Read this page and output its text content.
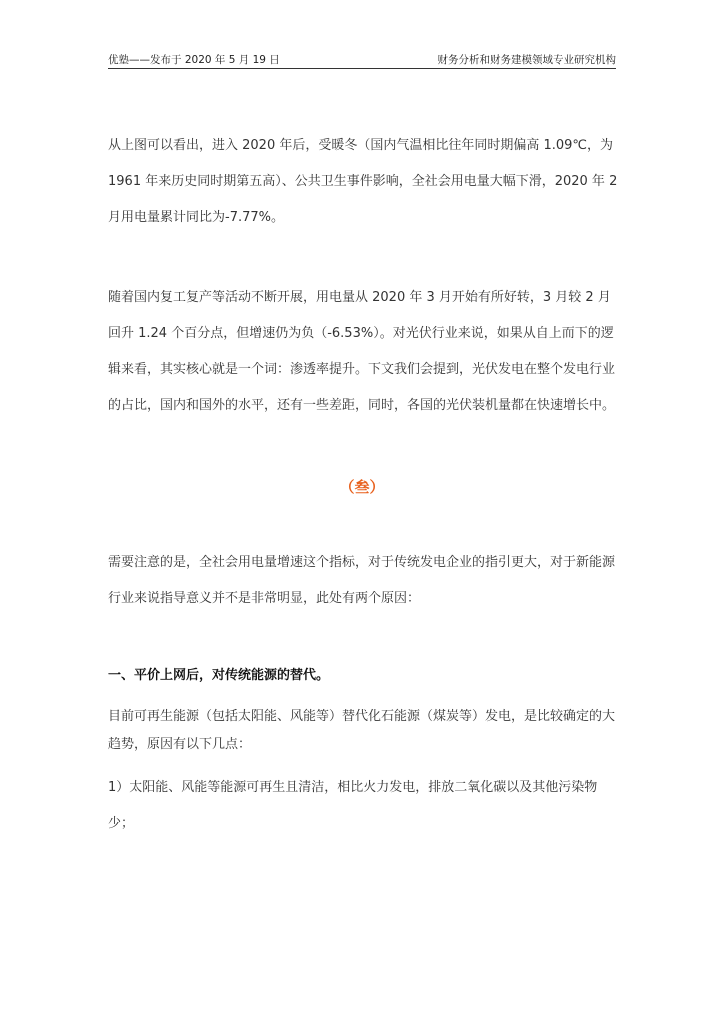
优塾——发布于 2020 年 5 月 19 日	财务分析和财务建模领域专业研究机构

从上图可以看出，进入 2020 年后，受暖冬（国内气温相比往年同时期偏高 1.09℃，为 1961 年来历史同时期第五高）、公共卫生事件影响，全社会用电量大幅下滑，2020 年 2 月用电量累计同比为-7.77%。

随着国内复工复产等活动不断开展，用电量从 2020 年 3 月开始有所好转，3 月较 2 月回升 1.24 个百分点，但增速仍为负（-6.53%）。对光伏行业来说，如果从自上而下的逻辑来看，其实核心就是一个词：渗透率提升。下文我们会提到，光伏发电在整个发电行业的占比，国内和国外的水平，还有一些差距，同时，各国的光伏装机量都在快速增长中。

（叁）

需要注意的是，全社会用电量增速这个指标，对于传统发电企业的指引更大，对于新能源行业来说指导意义并不是非常明显，此处有两个原因：

一、平价上网后，对传统能源的替代。

目前可再生能源（包括太阳能、风能等）替代化石能源（煤炭等）发电，是比较确定的大趋势，原因有以下几点：

1）太阳能、风能等能源可再生且清洁，相比火力发电，排放二氧化碳以及其他污染物少；
